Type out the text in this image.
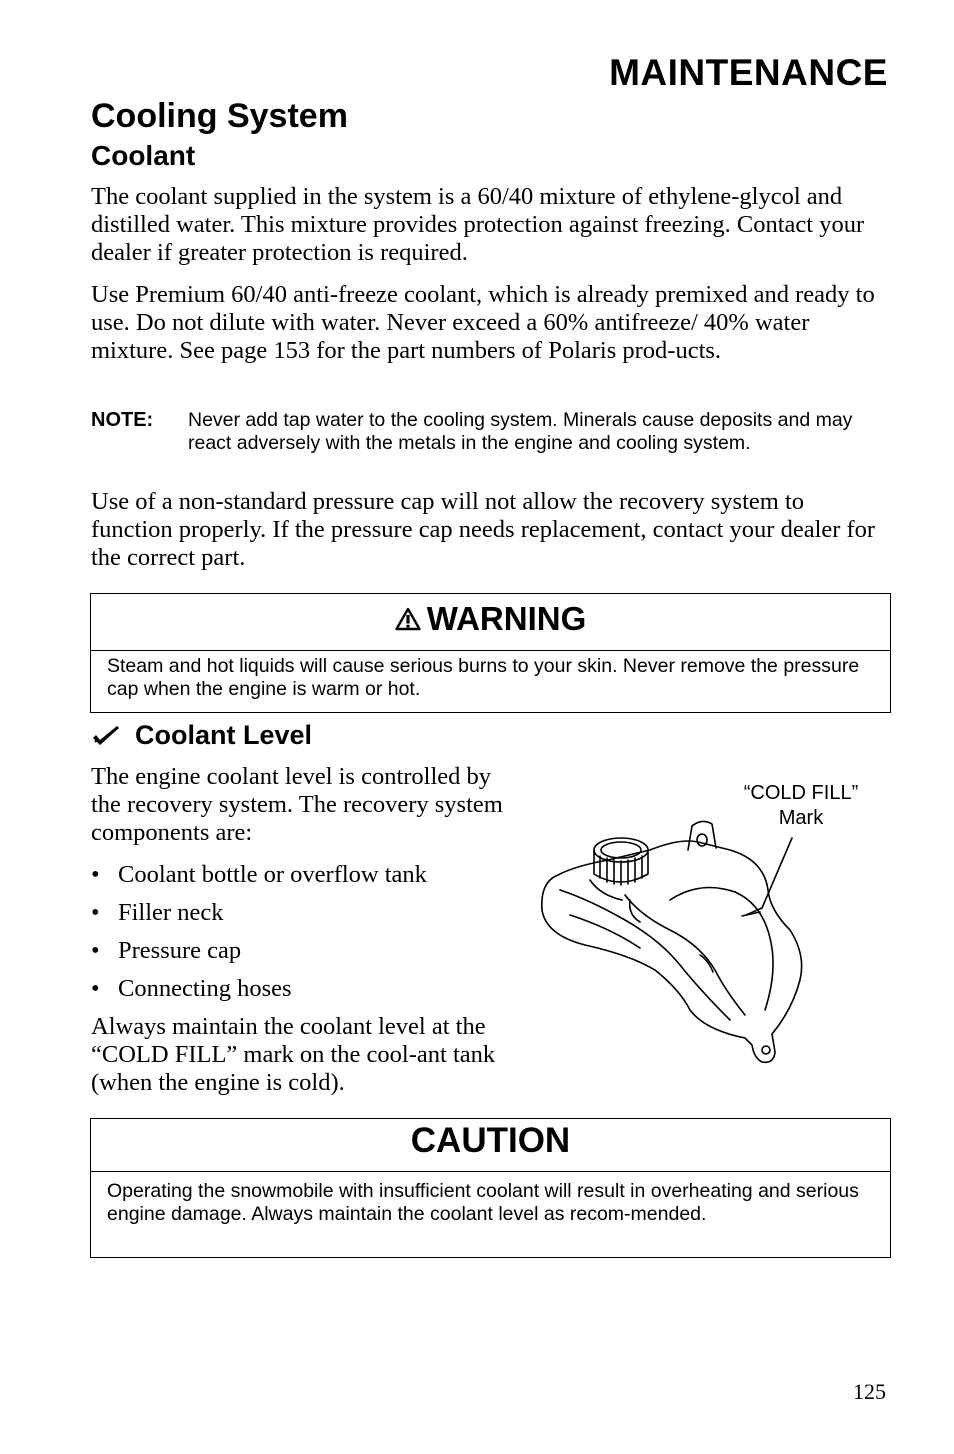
MAINTENANCE
Cooling System
Coolant
The coolant supplied in the system is a 60/40 mixture of ethylene-glycol and distilled water. This mixture provides protection against freezing. Contact your dealer if greater protection is required.
Use Premium 60/40 anti-freeze coolant, which is already premixed and ready to use. Do not dilute with water. Never exceed a 60% antifreeze/ 40% water mixture. See page 153 for the part numbers of Polaris prod-ucts.
NOTE: Never add tap water to the cooling system. Minerals cause deposits and may react adversely with the metals in the engine and cooling system.
Use of a non-standard pressure cap will not allow the recovery system to function properly. If the pressure cap needs replacement, contact your dealer for the correct part.
WARNING
Steam and hot liquids will cause serious burns to your skin. Never remove the pressure cap when the engine is warm or hot.
Coolant Level
The engine coolant level is controlled by the recovery system. The recovery system components are:
• Coolant bottle or overflow tank
• Filler neck
• Pressure cap
• Connecting hoses
Always maintain the coolant level at the “COLD FILL” mark on the cool-ant tank (when the engine is cold).
“COLD FILL”
Mark
CAUTION
Operating the snowmobile with insufficient coolant will result in overheating and serious engine damage. Always maintain the coolant level as recom-mended.
125
